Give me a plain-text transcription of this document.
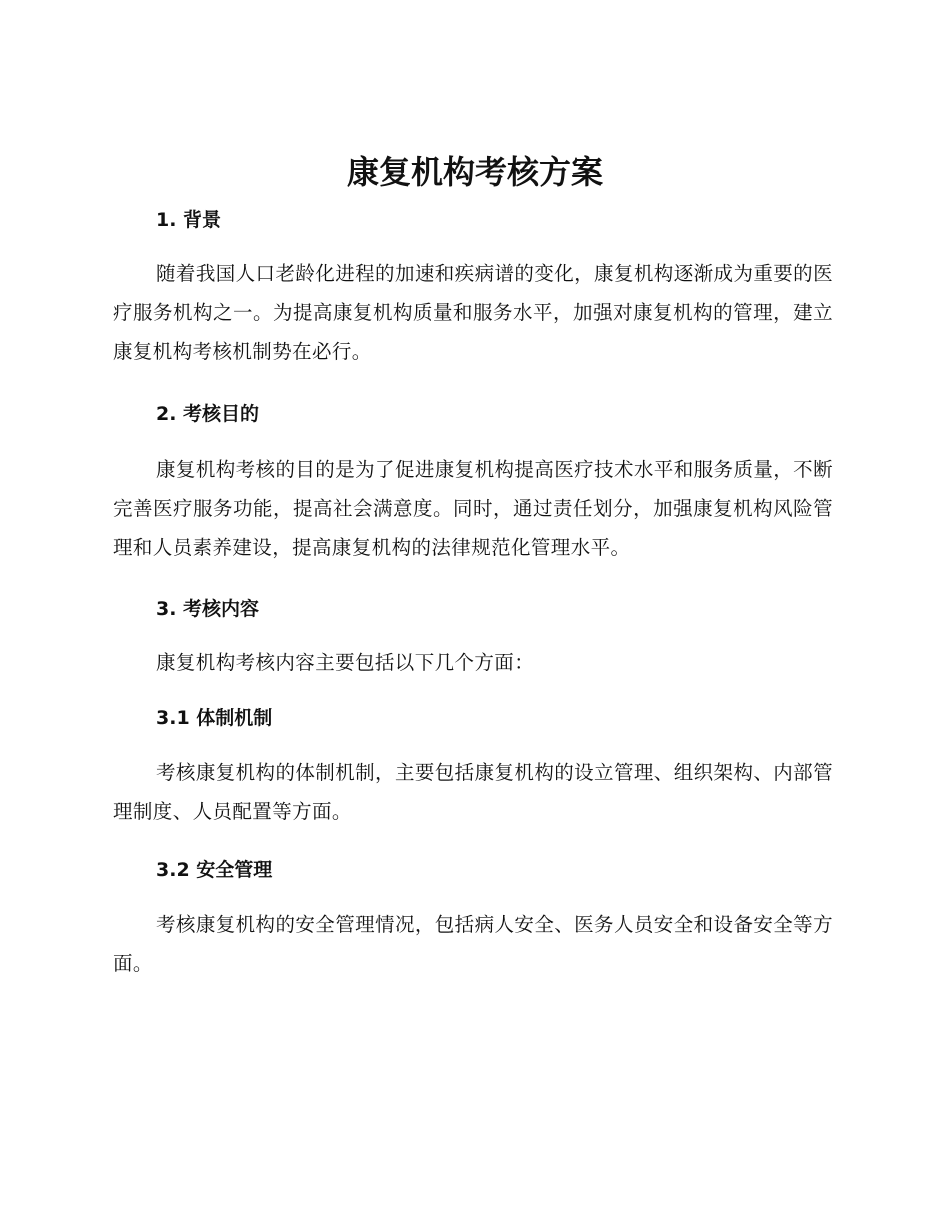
康复机构考核方案
1. 背景

随着我国人口老龄化进程的加速和疾病谱的变化，康复机构逐渐成为重要的医疗服务机构之一。为提高康复机构质量和服务水平，加强对康复机构的管理，建立康复机构考核机制势在必行。

2. 考核目的

康复机构考核的目的是为了促进康复机构提高医疗技术水平和服务质量，不断完善医疗服务功能，提高社会满意度。同时，通过责任划分，加强康复机构风险管理和人员素养建设，提高康复机构的法律规范化管理水平。

3. 考核内容

康复机构考核内容主要包括以下几个方面：

3.1 体制机制

考核康复机构的体制机制，主要包括康复机构的设立管理、组织架构、内部管理制度、人员配置等方面。

3.2 安全管理

考核康复机构的安全管理情况，包括病人安全、医务人员安全和设备安全等方面。
